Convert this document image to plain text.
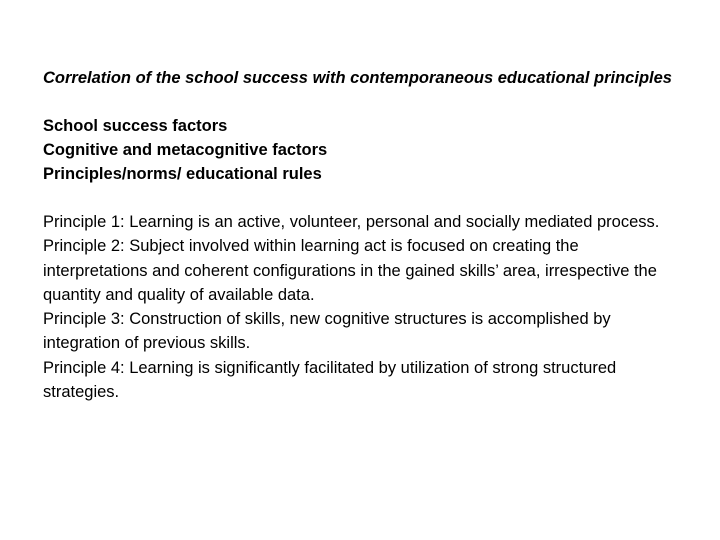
Correlation of the school success with contemporaneous educational principles

School success factors
Cognitive and metacognitive factors
Principles/norms/ educational rules

Principle 1: Learning is an active, volunteer, personal and socially mediated process.

Principle 2: Subject involved within learning act is focused on creating the interpretations and coherent configurations in the gained skills’ area, irrespective the quantity and quality of available data.

Principle 3: Construction of skills, new cognitive structures is accomplished by integration of previous skills.

Principle 4: Learning is significantly facilitated by utilization of strong structured strategies.
